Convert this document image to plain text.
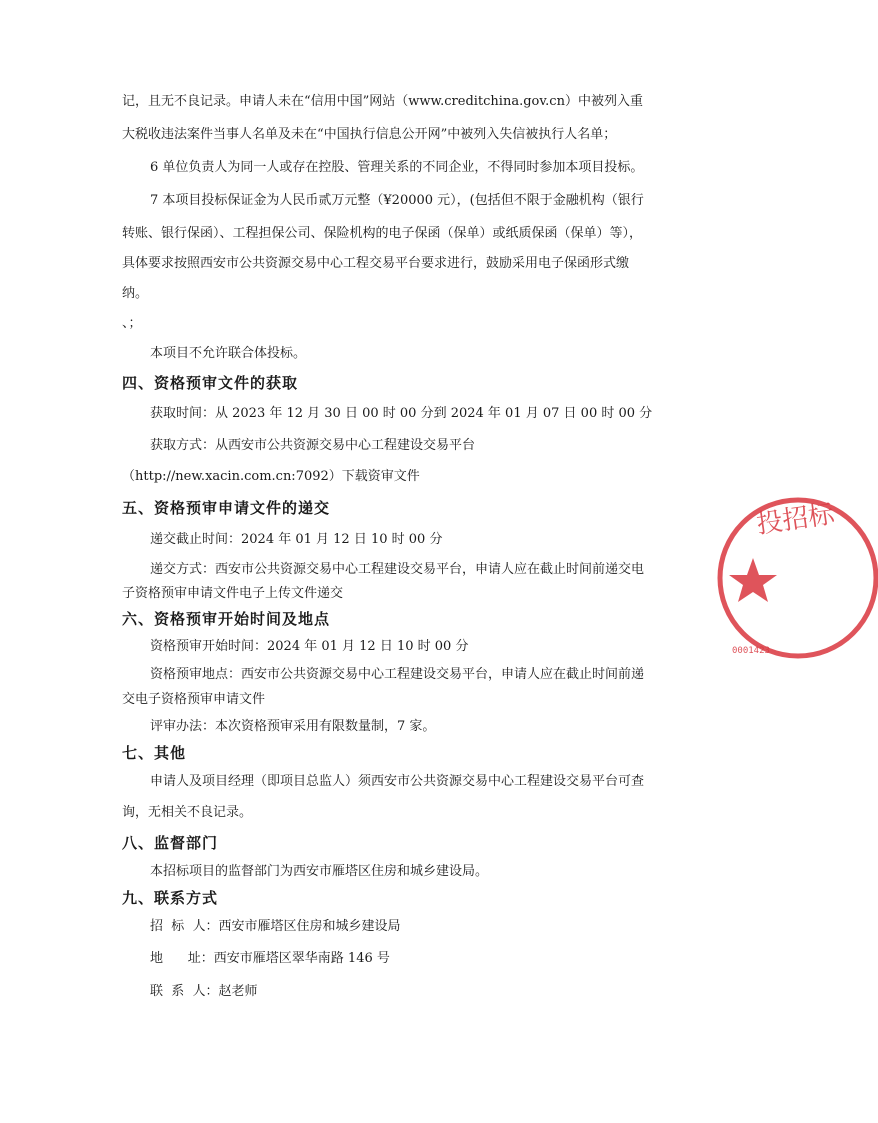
记，且无不良记录。申请人未在“信用中国”网站（www.creditchina.gov.cn）中被列入重
大税收违法案件当事人名单及未在“中国执行信息公开网”中被列入失信被执行人名单；
6 单位负责人为同一人或存在控股、管理关系的不同企业，不得同时参加本项目投标。
7 本项目投标保证金为人民币贰万元整（¥20000 元），(包括但不限于金融机构（银行
转账、银行保函）、工程担保公司、保险机构的电子保函（保单）或纸质保函（保单）等），
具体要求按照西安市公共资源交易中心工程交易平台要求进行，鼓励采用电子保函形式缴
纳。
、；
本项目不允许联合体投标。
四、资格预审文件的获取
获取时间：从 2023 年 12 月 30 日 00 时 00 分到 2024 年 01 月 07 日 00 时 00 分
获取方式：从西安市公共资源交易中心工程建设交易平台
（http://new.xacin.com.cn:7092）下载资审文件
五、资格预审申请文件的递交
递交截止时间：2024 年 01 月 12 日 10 时 00 分
递交方式：西安市公共资源交易中心工程建设交易平台，申请人应在截止时间前递交电
子资格预审申请文件电子上传文件递交
六、资格预审开始时间及地点
资格预审开始时间：2024 年 01 月 12 日 10 时 00 分
资格预审地点：西安市公共资源交易中心工程建设交易平台，申请人应在截止时间前递
交电子资格预审申请文件
评审办法：本次资格预审采用有限数量制，7 家。
七、其他
申请人及项目经理（即项目总监人）须西安市公共资源交易中心工程建设交易平台可查
询，无相关不良记录。
八、监督部门
本招标项目的监督部门为西安市雁塔区住房和城乡建设局。
九、联系方式
招  标  人：西安市雁塔区住房和城乡建设局
地      址：西安市雁塔区翠华南路 146 号
联  系  人：赵老师
投招标
0001423
